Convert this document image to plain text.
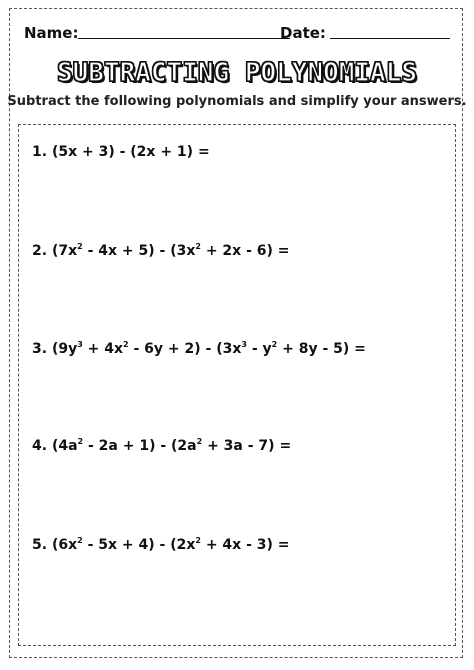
Name:	Date:
SUBTRACTING POLYNOMIALS
Subtract the following polynomials and simplify your answers.
1. (5x + 3) - (2x + 1) =
2. $(7x^2 - 4x + 5) - (3x^2 + 2x - 6)$ =
3. $(9y^3 + 4x^2 - 6y + 2) - (3x^3 - y^2 + 8y - 5)$ =
4. $(4a^2 - 2a + 1) - (2a^2 + 3a - 7)$ =
5. $(6x^2 - 5x + 4) - (2x^2 + 4x - 3)$ =
